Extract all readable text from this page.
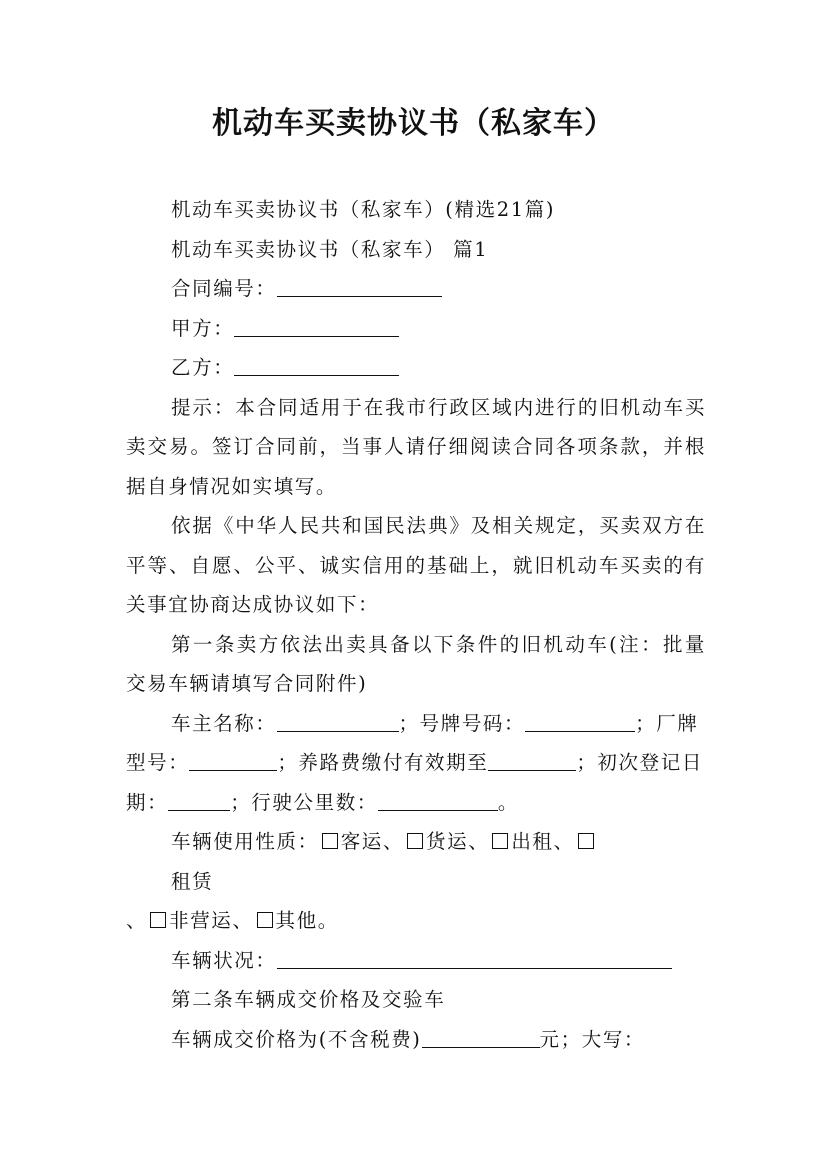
机动车买卖协议书（私家车）

机动车买卖协议书（私家车）(精选21篇)

机动车买卖协议书（私家车） 篇1

合同编号：

甲方：

乙方：

提示：本合同适用于在我市行政区域内进行的旧机动车买卖交易。签订合同前，当事人请仔细阅读合同各项条款，并根据自身情况如实填写。

依据《中华人民共和国民法典》及相关规定，买卖双方在平等、自愿、公平、诚实信用的基础上，就旧机动车买卖的有关事宜协商达成协议如下：

第一条卖方依法出卖具备以下条件的旧机动车(注：批量交易车辆请填写合同附件)

车主名称：	；号牌号码：	；厂牌

型号：	；养路费缴付有效期至	；初次登记日

期：	；行驶公里数：	。

车辆使用性质： 客运、 货运、 出租、

租赁

、 非营运、 其他。

车辆状况：

第二条车辆成交价格及交验车

车辆成交价格为(不含税费)	元；大写：
